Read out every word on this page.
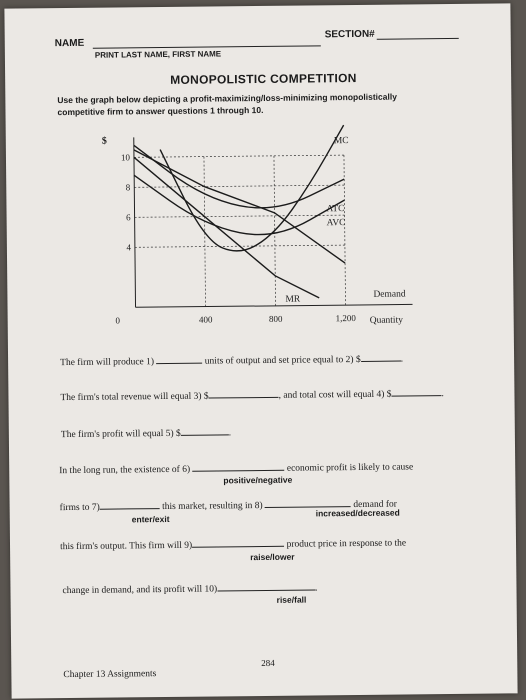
NAME
PRINT LAST NAME, FIRST NAME
SECTION#
MONOPOLISTIC COMPETITION
Use the graph below depicting a profit-maximizing/loss-minimizing monopolistically
competitive firm to answer questions 1 through 10.
10
8
6
4
0	400	800	1,200
$
Quantity
MC
ATC
AVC
MR	Demand
The firm will produce 1)	units of output and set price equal to 2) $	.
The firm's total revenue will equal 3) $	, and total cost will equal 4) $	.
The firm's profit will equal 5) $	.
In the long run, the existence of 6)	economic profit is likely to cause
positive/negative
firms to 7)	this market, resulting in 8)	demand for
enter/exit
increased/decreased
this firm's output. This firm will 9)	product price in response to the
raise/lower
change in demand, and its profit will 10)	.
rise/fall
284
Chapter 13 Assignments
